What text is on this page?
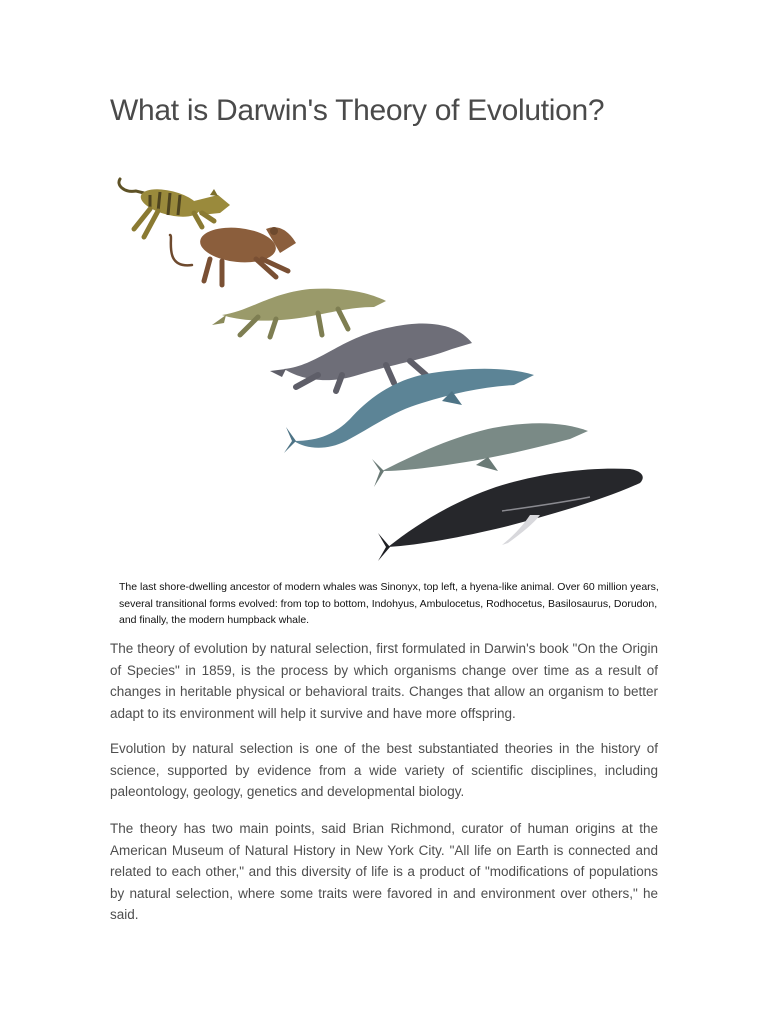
What is Darwin's Theory of Evolution?

The last shore-dwelling ancestor of modern whales was Sinonyx, top left, a hyena-like animal. Over 60 million years, several transitional forms evolved: from top to bottom, Indohyus, Ambulocetus, Rodhocetus, Basilosaurus, Dorudon, and finally, the modern humpback whale.

The theory of evolution by natural selection, first formulated in Darwin's book "On the Origin of Species" in 1859, is the process by which organisms change over time as a result of changes in heritable physical or behavioral traits. Changes that allow an organism to better adapt to its environment will help it survive and have more offspring.

Evolution by natural selection is one of the best substantiated theories in the history of science, supported by evidence from a wide variety of scientific disciplines, including paleontology, geology, genetics and developmental biology.

The theory has two main points, said Brian Richmond, curator of human origins at the American Museum of Natural History in New York City. "All life on Earth is connected and related to each other," and this diversity of life is a product of "modifications of populations by natural selection, where some traits were favored in and environment over others," he said.
